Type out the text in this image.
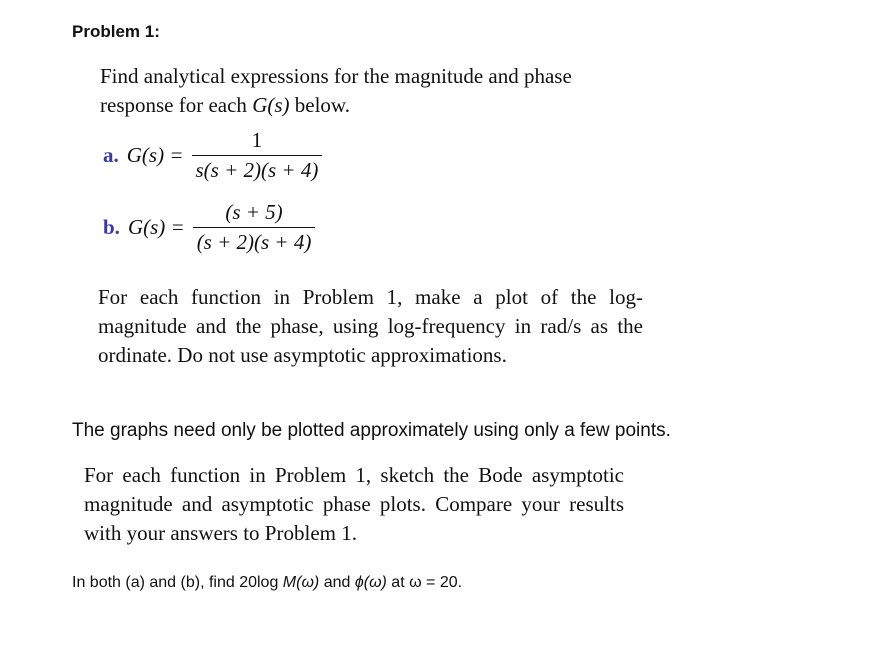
Problem 1:
Find analytical expressions for the magnitude and phase
response for each G(s) below.
a. $G(s) = \frac{1}{s(s + 2)(s + 4)}$
b. $G(s) = \frac{(s + 5)}{(s + 2)(s + 4)}$
For each function in Problem 1, make a plot of the log-magnitude and the phase, using log-frequency in rad/s as the ordinate. Do not use asymptotic approximations.
The graphs need only be plotted approximately using only a few points.
For each function in Problem 1, sketch the Bode asymptotic magnitude and asymptotic phase plots. Compare your results with your answers to Problem 1.
In both (a) and (b), find 20log M(ω) and ϕ(ω) at ω = 20.
